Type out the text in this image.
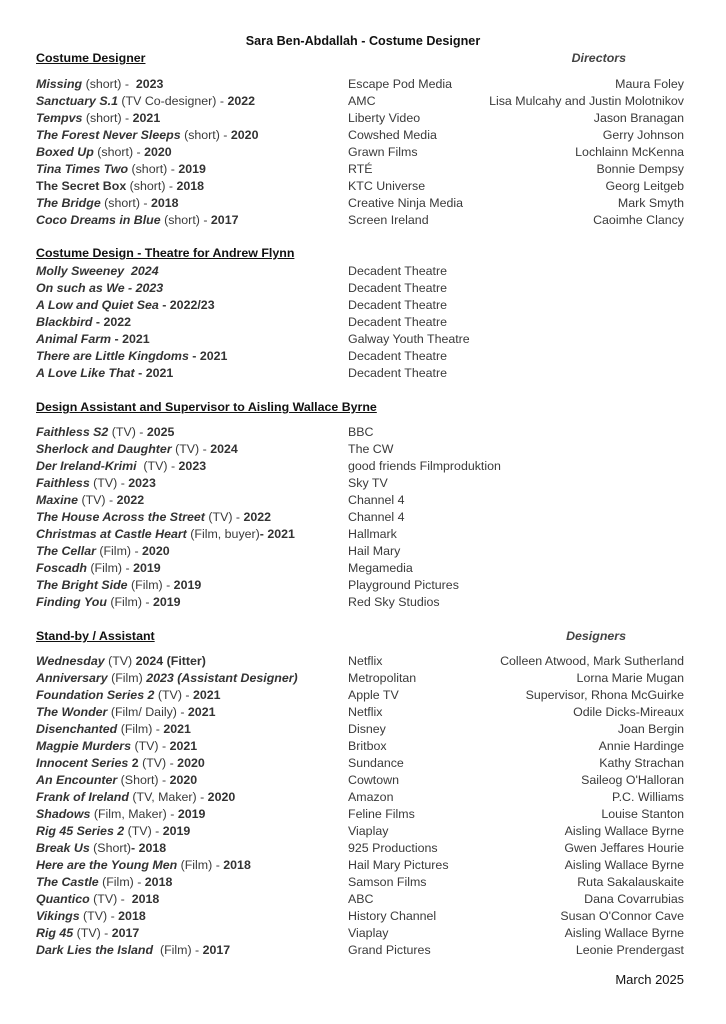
Sara Ben-Abdallah - Costume Designer
Costume Designer	Directors
Missing (short) -  2023	Escape Pod Media	Maura Foley
Sanctuary S.1 (TV Co-designer) - 2022	AMC	Lisa Mulcahy and Justin Molotnikov
Tempvs (short) - 2021	Liberty Video	Jason Branagan
The Forest Never Sleeps (short) - 2020	Cowshed Media	Gerry Johnson
Boxed Up (short) - 2020	Grawn Films	Lochlainn McKenna
Tina Times Two (short) - 2019	RTÉ	Bonnie Dempsy
The Secret Box (short) - 2018	KTC Universe	Georg Leitgeb
The Bridge (short) - 2018	Creative Ninja Media	Mark Smyth
Coco Dreams in Blue (short) - 2017	Screen Ireland	Caoimhe Clancy
Costume Design - Theatre for Andrew Flynn
Molly Sweeney  2024	Decadent Theatre
On such as We - 2023	Decadent Theatre
A Low and Quiet Sea - 2022/23	Decadent Theatre
Blackbird - 2022	Decadent Theatre
Animal Farm - 2021	Galway Youth Theatre
There are Little Kingdoms - 2021	Decadent Theatre
A Love Like That - 2021	Decadent Theatre
Design Assistant and Supervisor to Aisling Wallace Byrne
Faithless S2 (TV) - 2025	BBC
Sherlock and Daughter (TV) - 2024	The CW
Der Ireland-Krimi  (TV) - 2023	good friends Filmproduktion
Faithless (TV) - 2023	Sky TV
Maxine (TV) - 2022	Channel 4
The House Across the Street (TV) - 2022	Channel 4
Christmas at Castle Heart (Film, buyer)- 2021	Hallmark
The Cellar (Film) - 2020	Hail Mary
Foscadh (Film) - 2019	Megamedia
The Bright Side (Film) - 2019	Playground Pictures
Finding You (Film) - 2019	Red Sky Studios
Stand-by / Assistant	Designers
Wednesday (TV) 2024 (Fitter)	Netflix	Colleen Atwood, Mark Sutherland
Anniversary (Film) 2023 (Assistant Designer)	Metropolitan	Lorna Marie Mugan
Foundation Series 2 (TV) - 2021	Apple TV	Supervisor, Rhona McGuirke
The Wonder (Film/ Daily) - 2021	Netflix	Odile Dicks-Mireaux
Disenchanted (Film) - 2021	Disney	Joan Bergin
Magpie Murders (TV) - 2021	Britbox	Annie Hardinge
Innocent Series 2 (TV) - 2020	Sundance	Kathy Strachan
An Encounter (Short) - 2020	Cowtown	Saileog O'Halloran
Frank of Ireland (TV, Maker) - 2020	Amazon	P.C. Williams
Shadows (Film, Maker) - 2019	Feline Films	Louise Stanton
Rig 45 Series 2 (TV) - 2019	Viaplay	Aisling Wallace Byrne
Break Us (Short)- 2018	925 Productions	Gwen Jeffares Hourie
Here are the Young Men (Film) - 2018	Hail Mary Pictures	Aisling Wallace Byrne
The Castle (Film) - 2018	Samson Films	Ruta Sakalauskaite
Quantico (TV) -  2018	ABC	Dana Covarrubias
Vikings (TV) - 2018	History Channel	Susan O'Connor Cave
Rig 45 (TV) - 2017	Viaplay	Aisling Wallace Byrne
Dark Lies the Island  (Film) - 2017	Grand Pictures	Leonie Prendergast
March 2025
